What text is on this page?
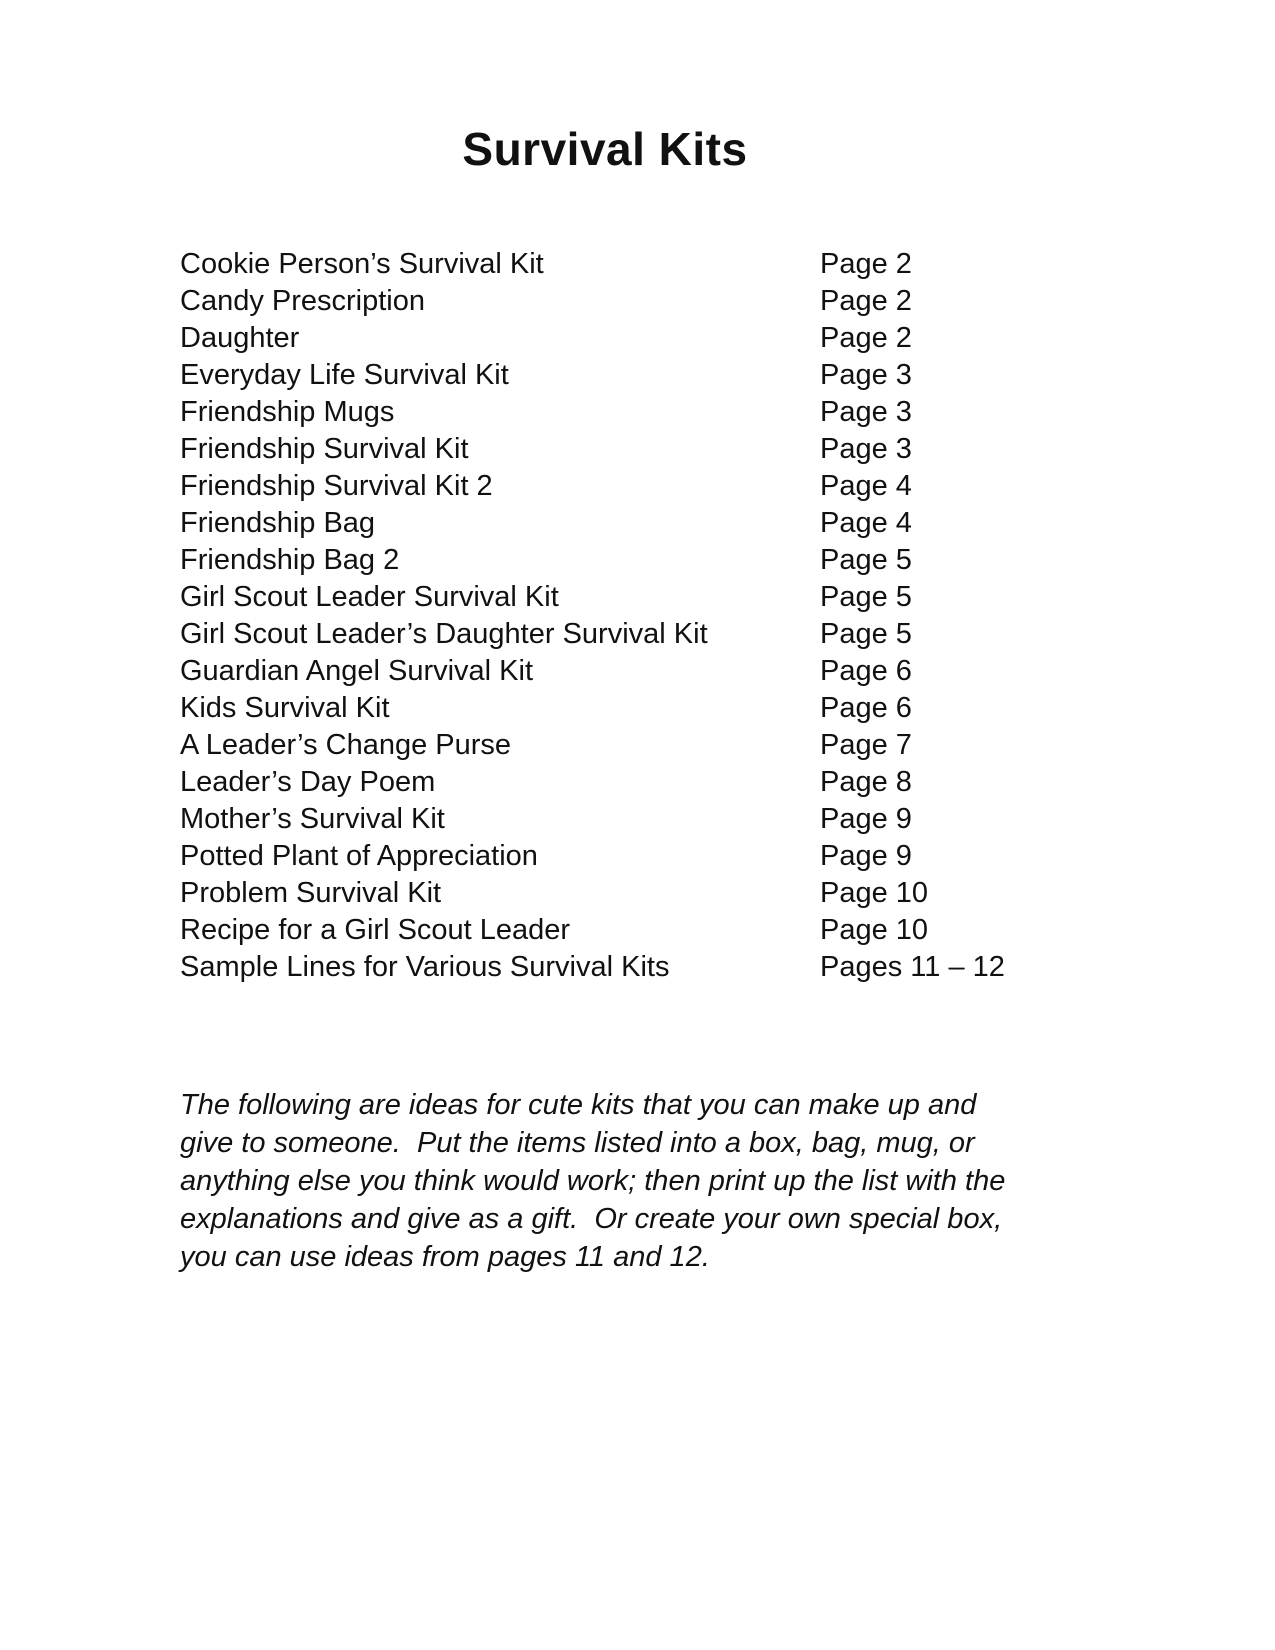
Survival Kits
Cookie Person’s Survival Kit	Page 2
Candy Prescription	Page 2
Daughter	Page 2
Everyday Life Survival Kit	Page 3
Friendship Mugs	Page 3
Friendship Survival Kit	Page 3
Friendship Survival Kit 2	Page 4
Friendship Bag	Page 4
Friendship Bag 2	Page 5
Girl Scout Leader Survival Kit	Page 5
Girl Scout Leader’s Daughter Survival Kit	Page 5
Guardian Angel Survival Kit	Page 6
Kids Survival Kit	Page 6
A Leader’s Change Purse	Page 7
Leader’s Day Poem	Page 8
Mother’s Survival Kit	Page 9
Potted Plant of Appreciation	Page 9
Problem Survival Kit	Page 10
Recipe for a Girl Scout Leader	Page 10
Sample Lines for Various Survival Kits	Pages 11 – 12

The following are ideas for cute kits that you can make up and give to someone.  Put the items listed into a box, bag, mug, or anything else you think would work; then print up the list with the explanations and give as a gift.  Or create your own special box, you can use ideas from pages 11 and 12.
